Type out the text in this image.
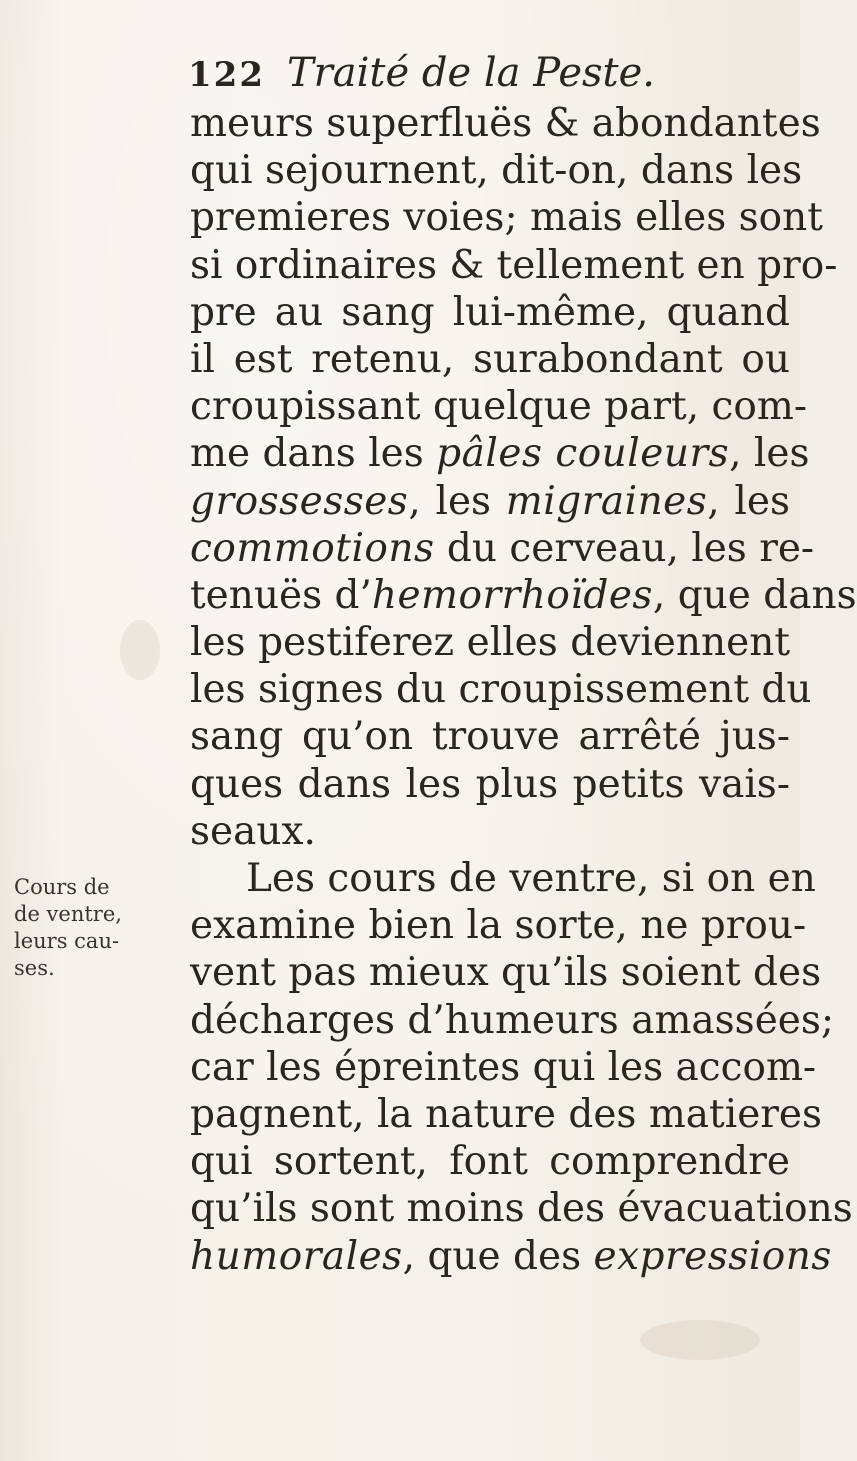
122 Traité de la Peste.
Cours de
de ventre,
leurs cau-
ses.
meurs superfluës & abondantes
qui sejournent, dit-on, dans les
premieres voies; mais elles sont
si ordinaires & tellement en pro-
pre au sang lui-même, quand
il est retenu, surabondant ou
croupissant quelque part, com-
me dans les pâles couleurs, les
grossesses, les migraines, les
commotions du cerveau, les re-
tenuës d’hemorrhoïdes, que dans
les pestiferez elles deviennent
les signes du croupissement du
sang qu’on trouve arrêté jus-
ques dans les plus petits vais-
seaux.
Les cours de ventre, si on en
examine bien la sorte, ne prou-
vent pas mieux qu’ils soient des
décharges d’humeurs amassées;
car les épreintes qui les accom-
pagnent, la nature des matieres
qui sortent, font comprendre
qu’ils sont moins des évacuations
humorales, que des expressions
